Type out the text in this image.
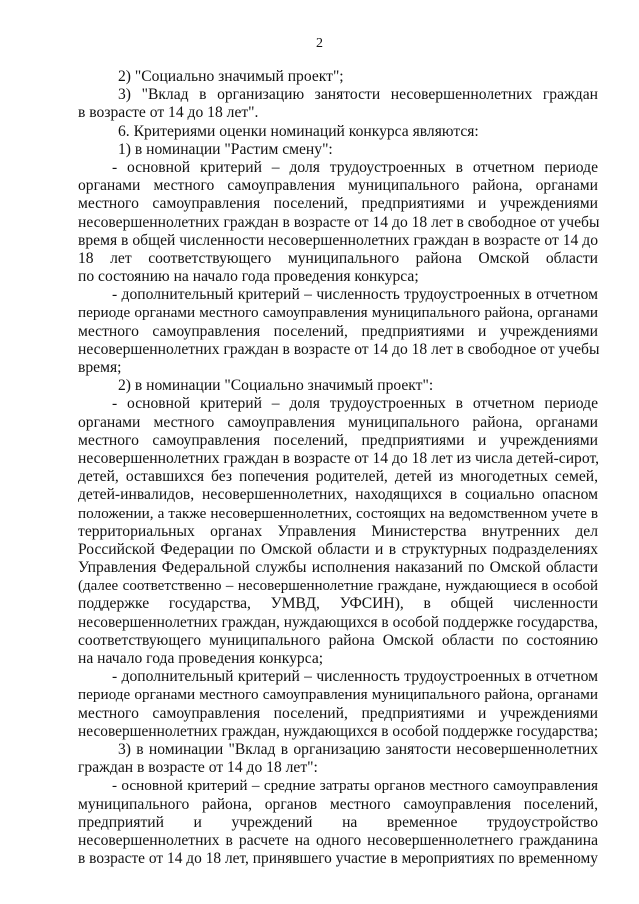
2
2) "Социально значимый проект";
3) "Вклад в организацию занятости несовершеннолетних граждан
в возрасте от 14 до 18 лет".
6. Критериями оценки номинаций конкурса являются:
1) в номинации "Растим смену":
- основной критерий – доля трудоустроенных в отчетном периоде
органами местного самоуправления муниципального района, органами
местного самоуправления поселений, предприятиями и учреждениями
несовершеннолетних граждан в возрасте от 14 до 18 лет в свободное от учебы
время в общей численности несовершеннолетних граждан в возрасте от 14 до
18 лет соответствующего муниципального района Омской области
по состоянию на начало года проведения конкурса;
- дополнительный критерий – численность трудоустроенных в отчетном
периоде органами местного самоуправления муниципального района, органами
местного самоуправления поселений, предприятиями и учреждениями
несовершеннолетних граждан в возрасте от 14 до 18 лет в свободное от учебы
время;
2) в номинации "Социально значимый проект":
- основной критерий – доля трудоустроенных в отчетном периоде
органами местного самоуправления муниципального района, органами
местного самоуправления поселений, предприятиями и учреждениями
несовершеннолетних граждан в возрасте от 14 до 18 лет из числа детей-сирот,
детей, оставшихся без попечения родителей, детей из многодетных семей,
детей-инвалидов, несовершеннолетних, находящихся в социально опасном
положении, а также несовершеннолетних, состоящих на ведомственном учете в
территориальных органах Управления Министерства внутренних дел
Российской Федерации по Омской области и в структурных подразделениях
Управления Федеральной службы исполнения наказаний по Омской области
(далее соответственно – несовершеннолетние граждане, нуждающиеся в особой
поддержке государства, УМВД, УФСИН), в общей численности
несовершеннолетних граждан, нуждающихся в особой поддержке государства,
соответствующего муниципального района Омской области по состоянию
на начало года проведения конкурса;
- дополнительный критерий – численность трудоустроенных в отчетном
периоде органами местного самоуправления муниципального района, органами
местного самоуправления поселений, предприятиями и учреждениями
несовершеннолетних граждан, нуждающихся в особой поддержке государства;
3) в номинации "Вклад в организацию занятости несовершеннолетних
граждан в возрасте от 14 до 18 лет":
- основной критерий – средние затраты органов местного самоуправления
муниципального района, органов местного самоуправления поселений,
предприятий и учреждений на временное трудоустройство
несовершеннолетних в расчете на одного несовершеннолетнего гражданина
в возрасте от 14 до 18 лет, принявшего участие в мероприятиях по временному
